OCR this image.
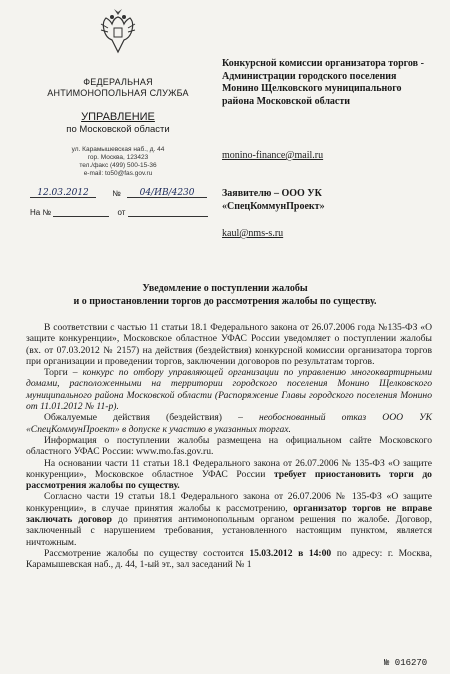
ФЕДЕРАЛЬНАЯ
АНТИМОНОПОЛЬНАЯ СЛУЖБА
УПРАВЛЕНИЕ
по Московской области
ул. Карамышевская наб., д. 44
гор. Москва, 123423
тел./факс (499) 500-15-36
e-mail: to50@fas.gov.ru
12.03.2012	№ 04/ИВ/4230
На №	от
Конкурсной комиссии организатора торгов - Администрации городского поселения Монино Щелковского муниципального района Московской области
monino-finance@mail.ru
Заявителю – ООО УК
«СпецКоммунПроект»
kaul@nms-s.ru
Уведомление о поступлении жалобы
и о приостановлении торгов до рассмотрения жалобы по существу.

В соответствии с частью 11 статьи 18.1 Федерального закона от 26.07.2006 года №135-ФЗ «О защите конкуренции», Московское областное УФАС России уведомляет о поступлении жалобы (вх. от 07.03.2012 № 2157) на действия (бездействия) конкурсной комиссии организатора торгов при организации и проведении торгов, заключении договоров по результатам торгов.

Торги – конкурс по отбору управляющей организации по управлению многоквартирными домами, расположенными на территории городского поселения Монино Щелковского муниципального района Московской области (Распоряжение Главы городского поселения Монино от 11.01.2012 № 11-р).

Обжалуемые действия (бездействия) – необоснованный отказ ООО УК «СпецКоммунПроект» в допуске к участию в указанных торгах.

Информация о поступлении жалобы размещена на официальном сайте Московского областного УФАС России: www.mo.fas.gov.ru.

На основании части 11 статьи 18.1 Федерального закона от 26.07.2006 № 135-ФЗ «О защите конкуренции», Московское областное УФАС России требует приостановить торги до рассмотрения жалобы по существу.

Согласно части 19 статьи 18.1 Федерального закона от 26.07.2006 № 135-ФЗ «О защите конкуренции», в случае принятия жалобы к рассмотрению, организатор торгов не вправе заключать договор до принятия антимонопольным органом решения по жалобе. Договор, заключенный с нарушением требования, установленного настоящим пунктом, является ничтожным.

Рассмотрение жалобы по существу состоится 15.03.2012 в 14:00 по адресу: г. Москва, Карамышевская наб., д. 44, 1-ый эт., зал заседаний № 1

№ 016270
